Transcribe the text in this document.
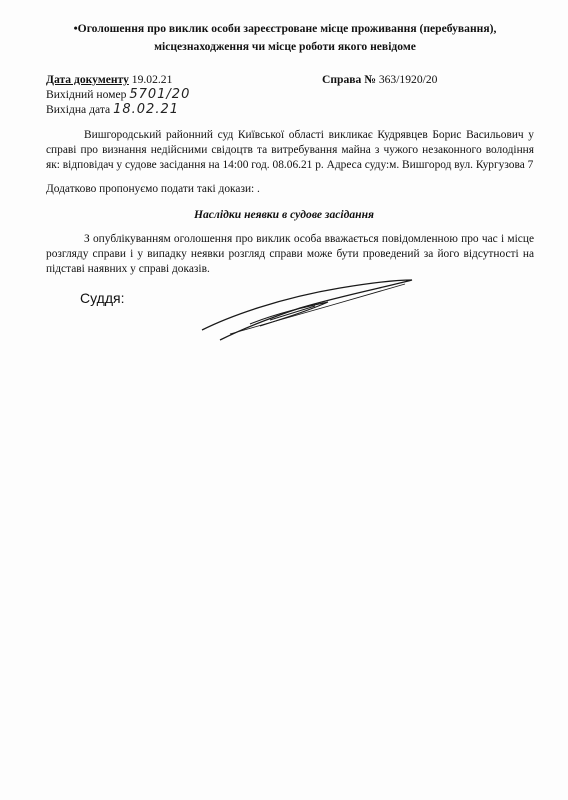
•Оголошення про виклик особи зареєстроване місце проживання (перебування),
місцезнаходження чи місце роботи якого невідоме
Дата документу 19.02.21	Справа № 363/1920/20
Вихідний номер 5701/20
Вихідна дата 18.02.21
Вишгородський районний суд Київської області викликає Кудрявцев Борис Васильович у справі про визнання недійсними свідоцтв та витребування майна з чужого незаконного володіння як: відповідач у судове засідання на 14:00 год. 08.06.21 р. Адреса суду:м. Вишгород вул. Кургузова 7
Додатково пропонуємо подати такі докази: .
Наслідки неявки в судове засідання
З опублікуванням оголошення про виклик особа вважається повідомленною про час і місце розгляду справи і у випадку неявки розгляд справи може бути проведений за його відсутності на підставі наявних у справі доказів.
Суддя:
